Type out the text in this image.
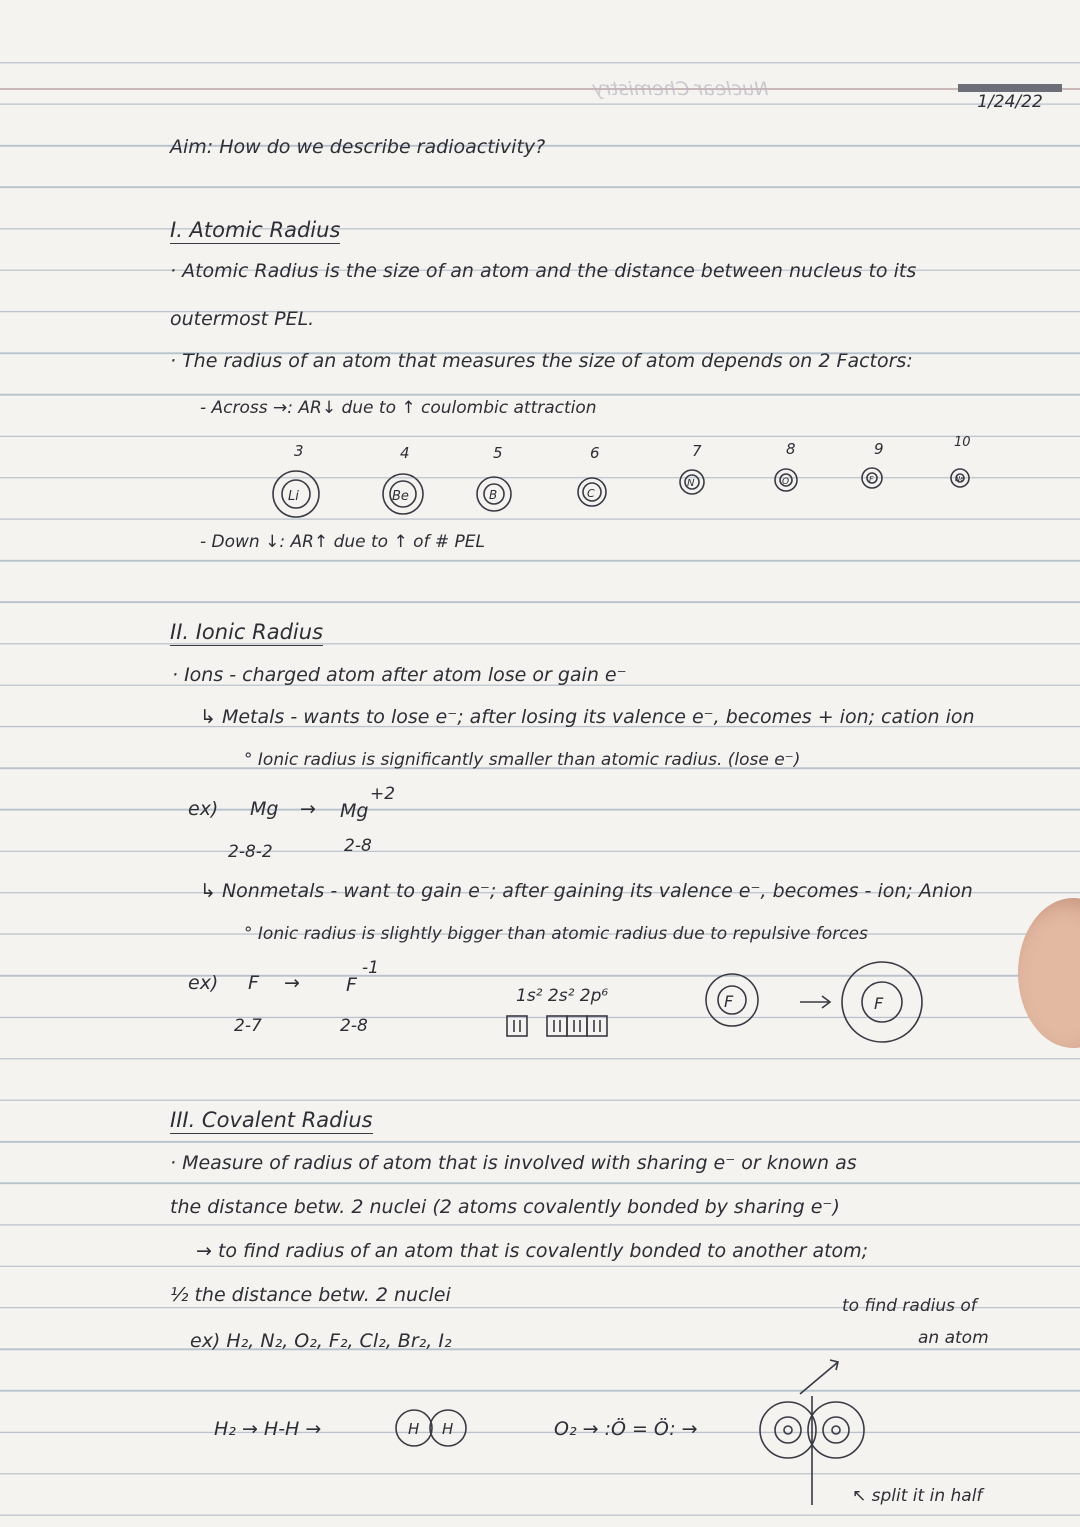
Nuclear Chemistry
1/24/22
Aim: How do we describe radioactivity?
I. Atomic Radius
· Atomic Radius is the size of an atom and the distance between nucleus to its
outermost PEL.
· The radius of an atom that measures the size of atom depends on 2 Factors:
- Across →: AR↓ due to ↑ coulombic attraction
3
Li
4
Be
5
B
6
C
7
N
8
O
9
F
10
Ne
- Down ↓: AR↑ due to ↑ of # PEL
II. Ionic Radius
· Ions - charged atom after atom lose or gain e⁻
↳ Metals - wants to lose e⁻; after losing its valence e⁻, becomes + ion; cation ion
° Ionic radius is significantly smaller than atomic radius. (lose e⁻)
ex) Mg → Mg
+2
2-8-2	2-8
↳ Nonmetals - want to gain e⁻; after gaining its valence e⁻, becomes - ion; Anion
° Ionic radius is slightly bigger than atomic radius due to repulsive forces
ex) F → F
-1
2-7	2-8
1s² 2s² 2p⁶	F	F
III. Covalent Radius
· Measure of radius of atom that is involved with sharing e⁻ or known as
the distance betw. 2 nuclei (2 atoms covalently bonded by sharing e⁻)
→ to find radius of an atom that is covalently bonded to another atom;
½ the distance betw. 2 nuclei
ex) H₂, N₂, O₂, F₂, Cl₂, Br₂, I₂
to find radius of
an atom
H₂ → H-H →	H H	O₂ → :Ö = Ö: →
↖ split it in half
